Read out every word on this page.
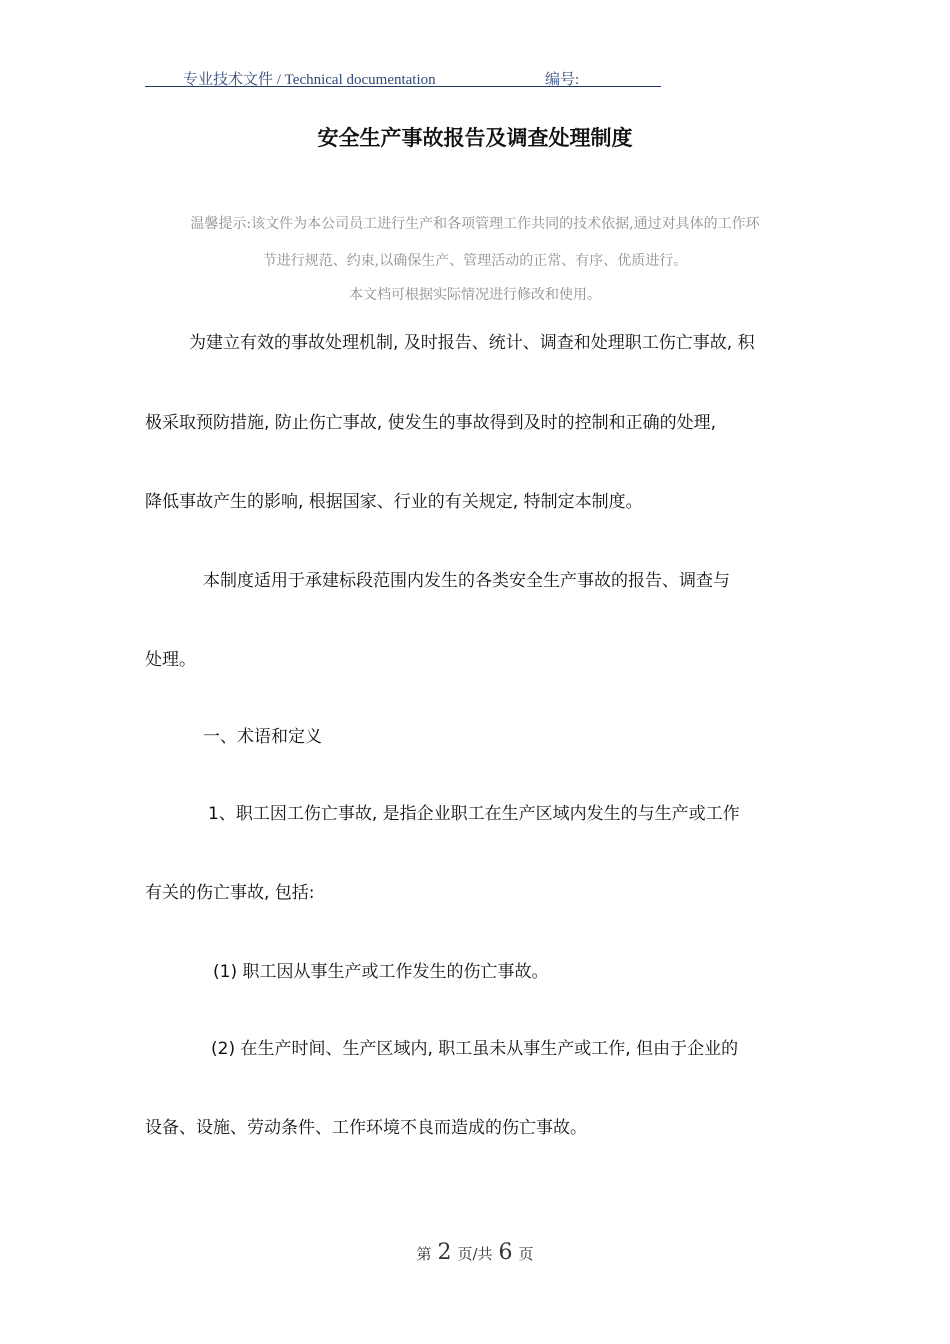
专业技术文件 / Technical documentation	编号:
安全生产事故报告及调查处理制度
温馨提示:该文件为本公司员工进行生产和各项管理工作共同的技术依据,通过对具体的工作环
节进行规范、约束,以确保生产、管理活动的正常、有序、优质进行。
本文档可根据实际情况进行修改和使用。
为建立有效的事故处理机制, 及时报告、统计、调查和处理职工伤亡事故, 积
极采取预防措施, 防止伤亡事故, 使发生的事故得到及时的控制和正确的处理,
降低事故产生的影响, 根据国家、行业的有关规定, 特制定本制度。
本制度适用于承建标段范围内发生的各类安全生产事故的报告、调查与
处理。
一、术语和定义
1、职工因工伤亡事故, 是指企业职工在生产区域内发生的与生产或工作
有关的伤亡事故, 包括:
(1) 职工因从事生产或工作发生的伤亡事故。
(2) 在生产时间、生产区域内, 职工虽未从事生产或工作, 但由于企业的
设备、设施、劳动条件、工作环境不良而造成的伤亡事故。
第 2 页/共 6 页
